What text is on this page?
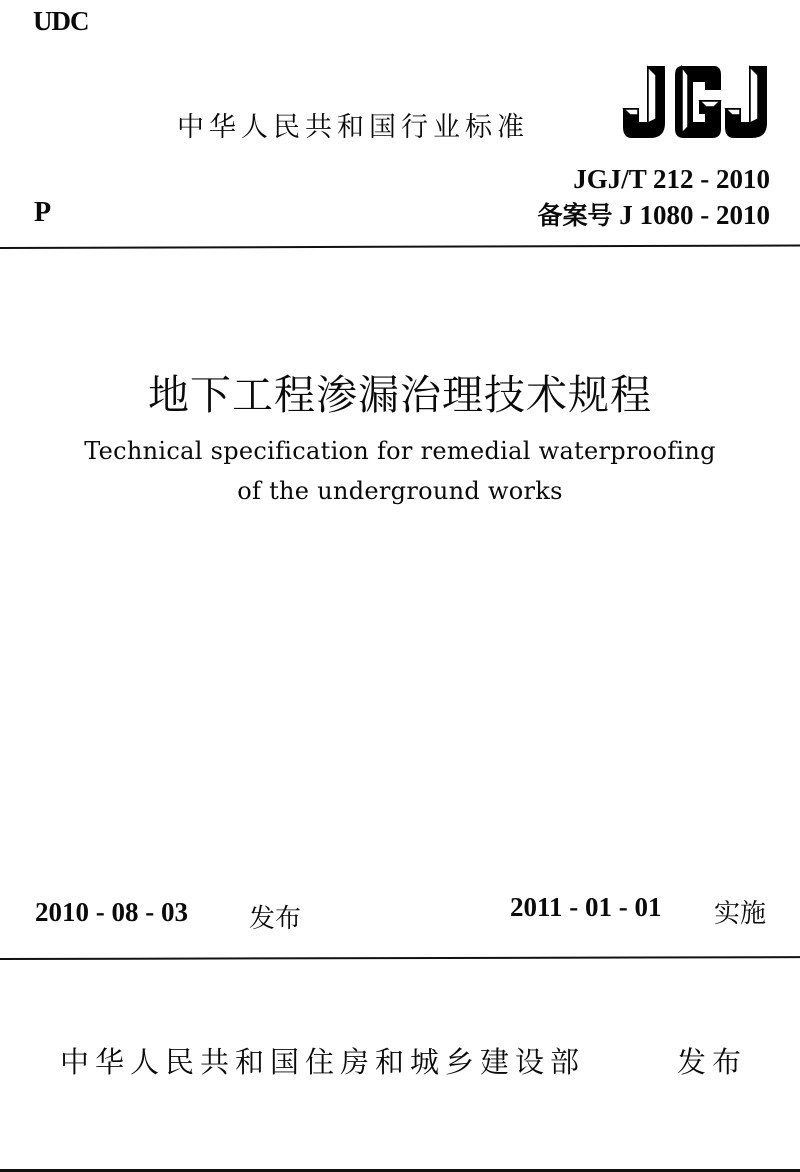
UDC
中华人民共和国行业标准
JGJ/T 212 - 2010
备案号 J 1080 - 2010
P
地下工程渗漏治理技术规程
Technical specification for remedial waterproofing
of the underground works
2010 - 08 - 03 发布	2011 - 01 - 01 实施
中华人民共和国住房和城乡建设部	发布
